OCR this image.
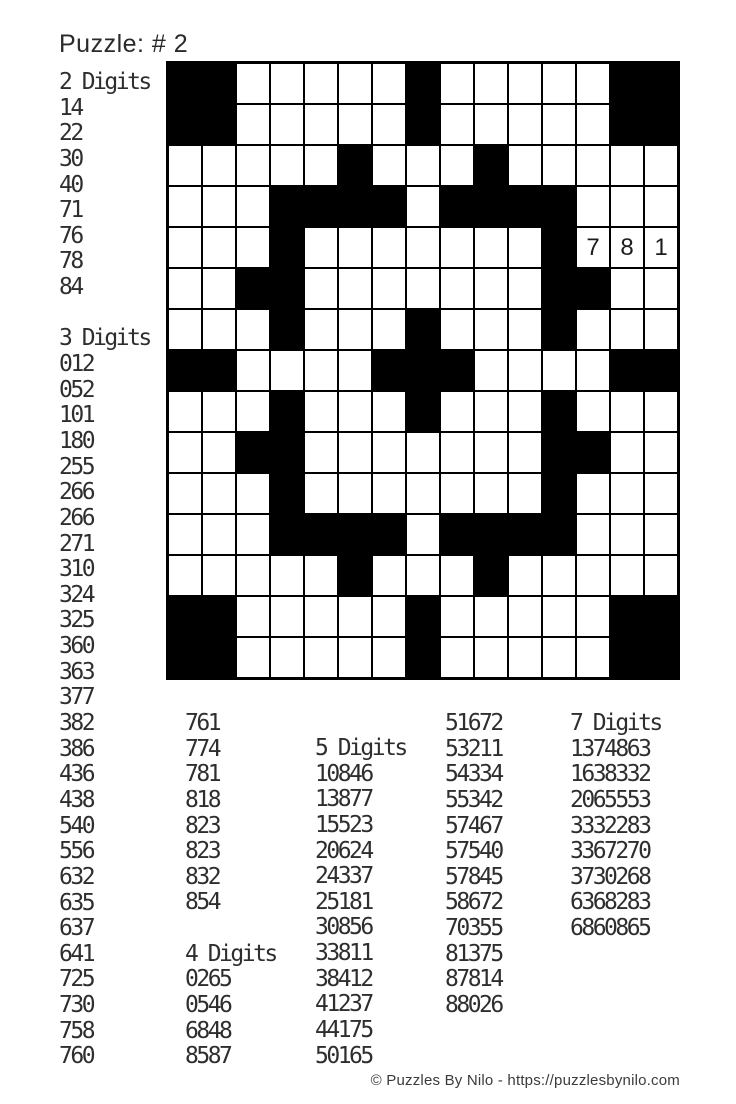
Puzzle: # 2
7 8 1
2 Digits
14
22
30
40
71
76
78
84
3 Digits
012
052
101
180
255
266
266
271
310
324
325
360
363
377
382
386
436
438
540
556
632
635
637
641
725
730
758
760
761
774
781
818
823
823
832
854
4 Digits
0265
0546
6848
8587
5 Digits
10846
13877
15523
20624
24337
25181
30856
33811
38412
41237
44175
50165
51672
53211
54334
55342
57467
57540
57845
58672
70355
81375
87814
88026
7 Digits
1374863
1638332
2065553
3332283
3367270
3730268
6368283
6860865
© Puzzles By Nilo - https://puzzlesbynilo.com
